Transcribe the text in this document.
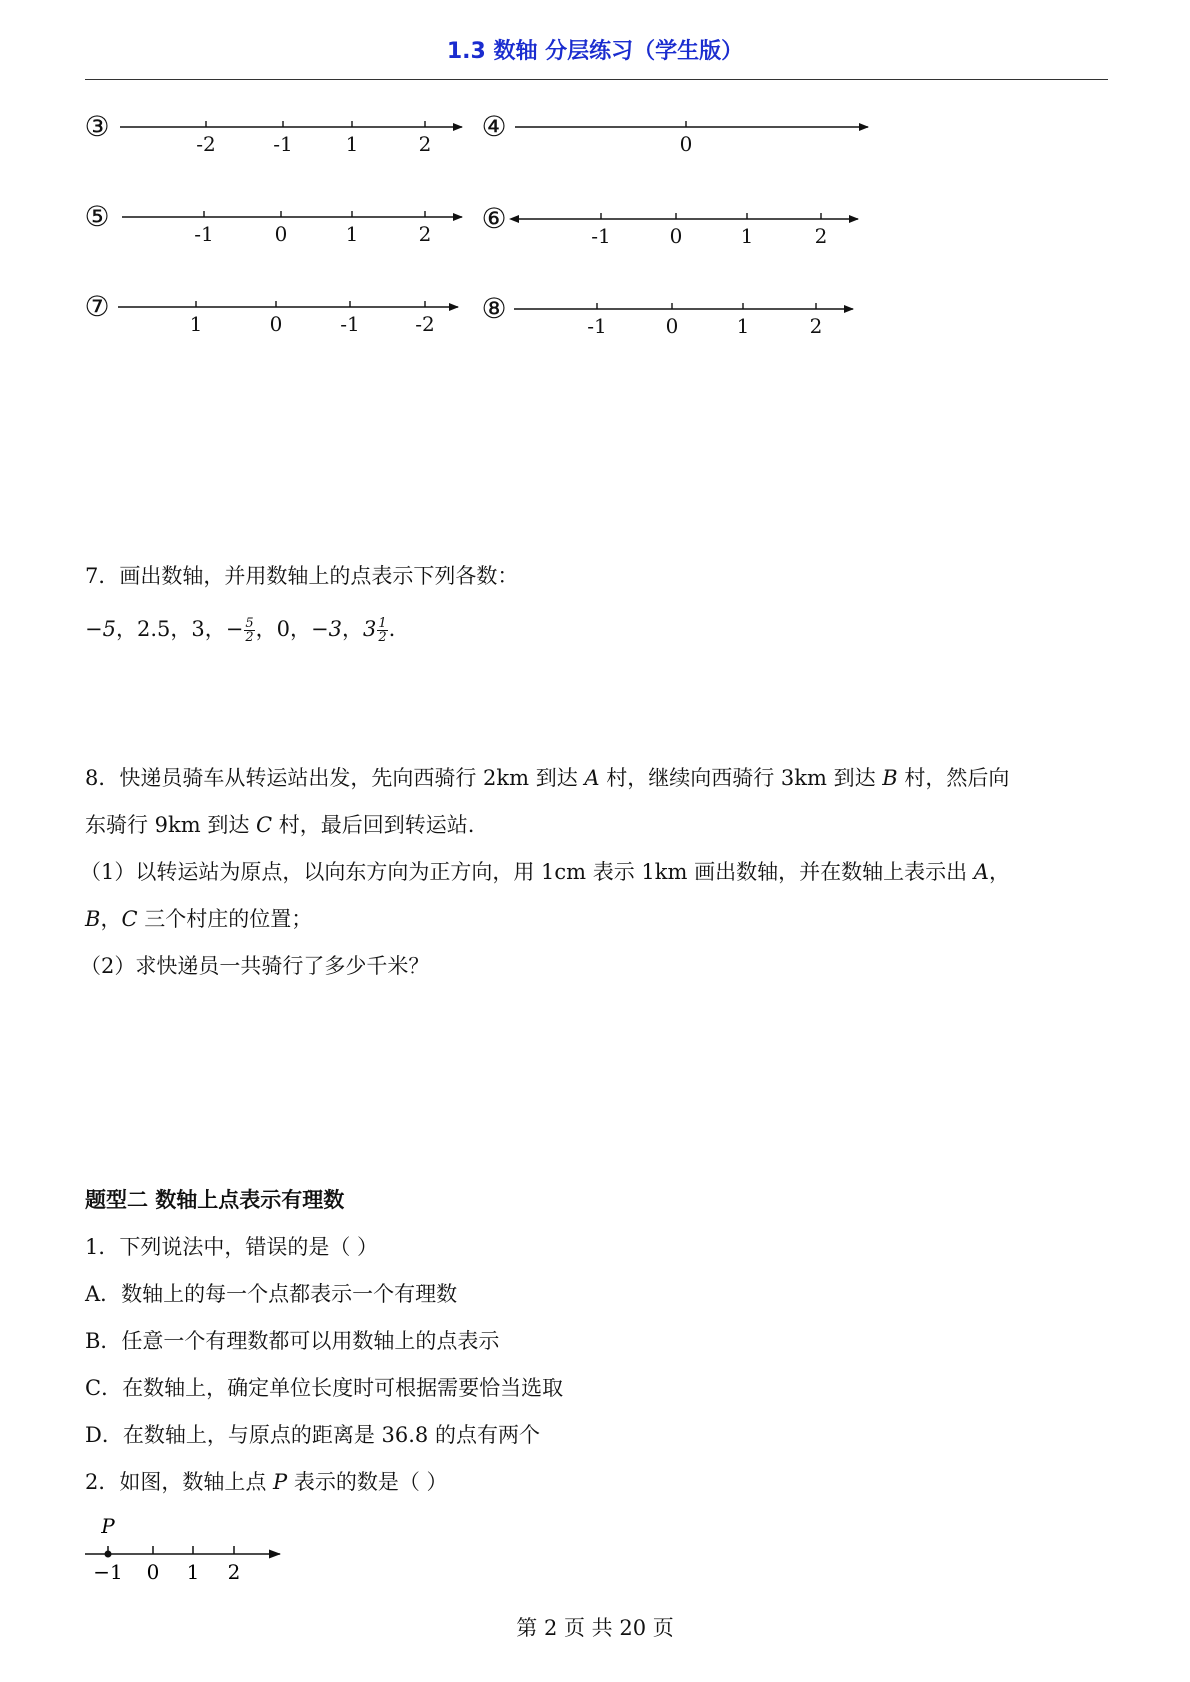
1.3 数轴 分层练习（学生版）
③
-2	-1	1	2
④
0
⑤
-1	0	1	2 ⑥
-1	0	1	2
⑦
1	0	-1	-2 ⑧
-1	0	1	2
7．画出数轴，并用数轴上的点表示下列各数：
−5，2.5，3，− $\frac{5}{2}$ ，0，−3，$3 \frac{1}{2}$ .
8．快递员骑车从转运站出发，先向西骑行 2km 到达 A 村，继续向西骑行 3km 到达 B 村，然后向
东骑行 9km 到达 C 村，最后回到转运站.
（1）以转运站为原点，以向东方向为正方向，用 1cm 表示 1km 画出数轴，并在数轴上表示出 A，
B，C 三个村庄的位置；
（2）求快递员一共骑行了多少千米？
题型二 数轴上点表示有理数
1．下列说法中，错误的是（ ）
A．数轴上的每一个点都表示一个有理数
B．任意一个有理数都可以用数轴上的点表示
C．在数轴上，确定单位长度时可根据需要恰当选取
D．在数轴上，与原点的距离是 36.8 的点有两个
2．如图，数轴上点 P 表示的数是（ ）
P
−1 0 1 2
第 2 页 共 20 页
